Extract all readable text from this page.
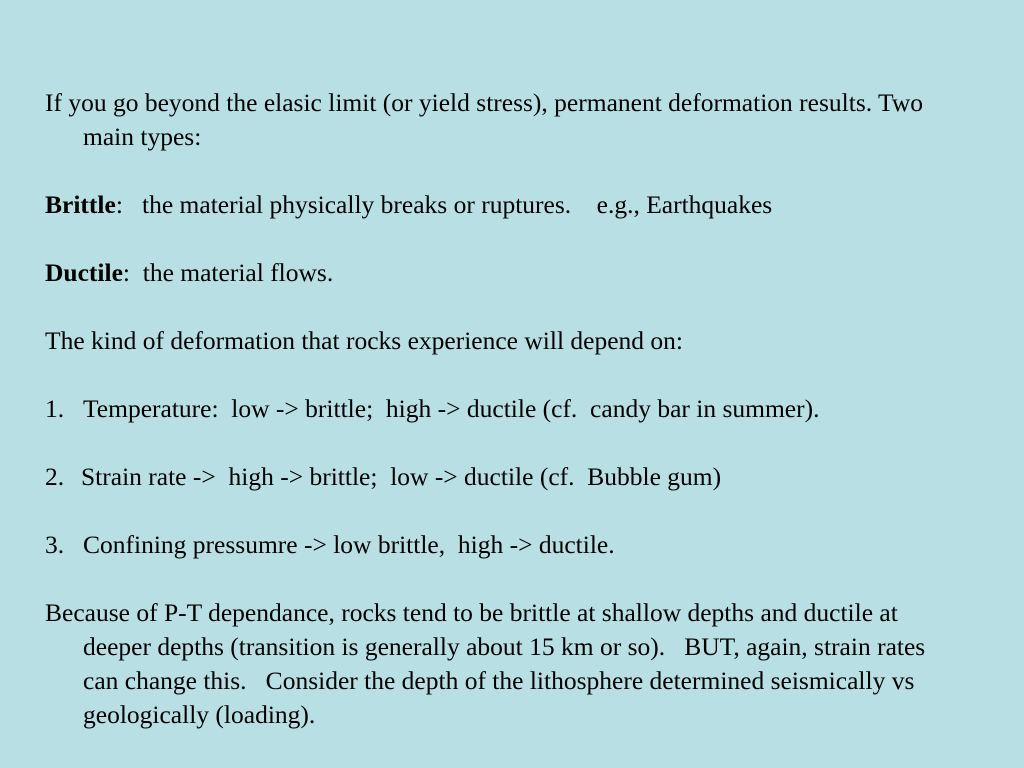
If you go beyond the elasic limit (or yield stress), permanent deformation results. Two main types:

Brittle:   the material physically breaks or ruptures.    e.g., Earthquakes

Ductile:  the material flows.

The kind of deformation that rocks experience will depend on:

1. Temperature:  low -> brittle;  high -> ductile (cf.  candy bar in summer).

2. Strain rate ->  high -> brittle;  low -> ductile (cf.  Bubble gum)

3. Confining pressumre -> low brittle,  high -> ductile.

Because of P-T dependance, rocks tend to be brittle at shallow depths and ductile at deeper depths (transition is generally about 15 km or so).   BUT, again, strain rates can change this.   Consider the depth of the lithosphere determined seismically vs geologically (loading).
